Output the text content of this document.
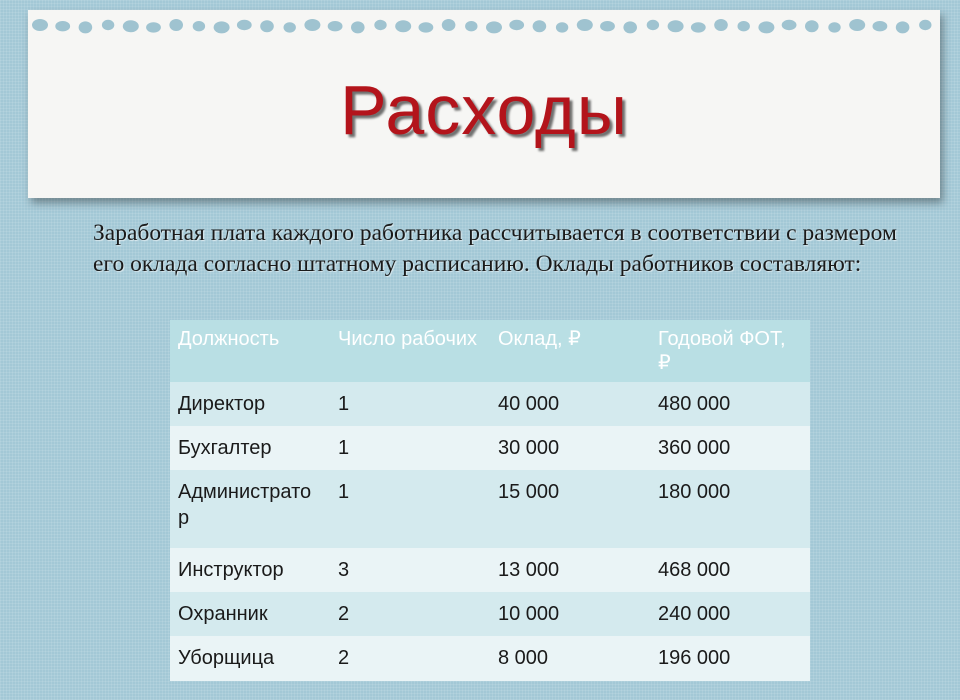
Расходы

Заработная плата каждого работника рассчитывается в соответствии с размером его оклада согласно штатному расписанию. Оклады работников составляют:

Должность	Число рабочих	Оклад, ₽	Годовой ФОТ, ₽
Директор	1	40 000	480 000
Бухгалтер	1	30 000	360 000
Администратор	1	15 000	180 000
Инструктор	3	13 000	468 000
Охранник	2	10 000	240 000
Уборщица	2	8 000	196 000
